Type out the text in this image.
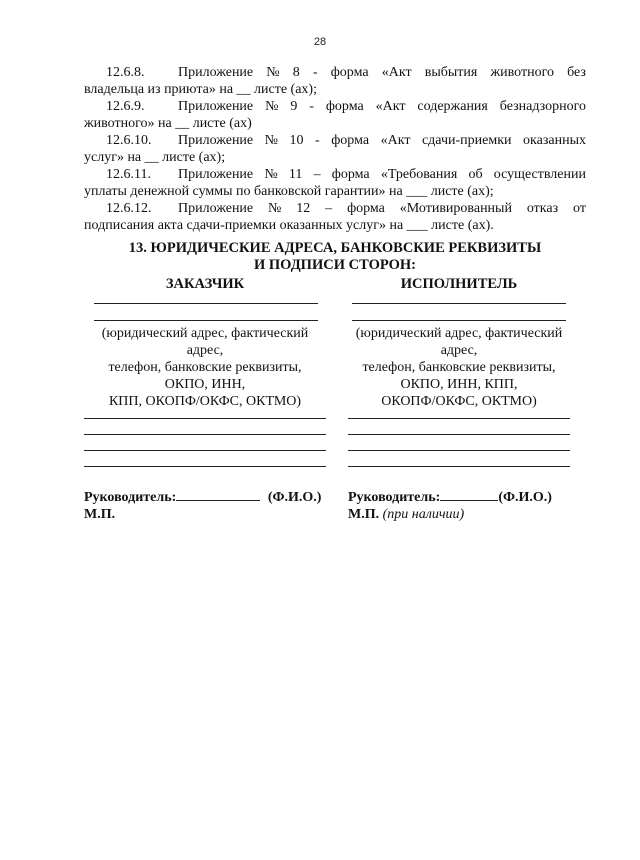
28
12.6.8.	Приложение № 8 - форма «Акт выбытия животного без
владельца из приюта» на __ листе (ах);
12.6.9.	Приложение № 9 - форма «Акт содержания безнадзорного
животного» на __ листе (ах)
12.6.10.	Приложение № 10 - форма «Акт сдачи-приемки оказанных
услуг» на __ листе (ах);
12.6.11.	Приложение № 11 – форма «Требования об осуществлении
уплаты денежной суммы по банковской гарантии» на ___ листе (ах);
12.6.12.	Приложение № 12 – форма «Мотивированный отказ от
подписания акта сдачи-приемки оказанных услуг» на ___ листе (ах).
13. ЮРИДИЧЕСКИЕ АДРЕСА, БАНКОВСКИЕ РЕКВИЗИТЫ
И ПОДПИСИ СТОРОН:
ЗАКАЗЧИК
(юридический адрес, фактический
адрес,
телефон, банковские реквизиты,
ОКПО, ИНН,
КПП, ОКОПФ/ОКФС, ОКТМО)
ИСПОЛНИТЕЛЬ
(юридический адрес, фактический
адрес,
телефон, банковские реквизиты,
ОКПО, ИНН, КПП,
ОКОПФ/ОКФС, ОКТМО)
Руководитель:	(Ф.И.О.)
М.П.
Руководитель:	(Ф.И.О.)
М.П. (при наличии)
